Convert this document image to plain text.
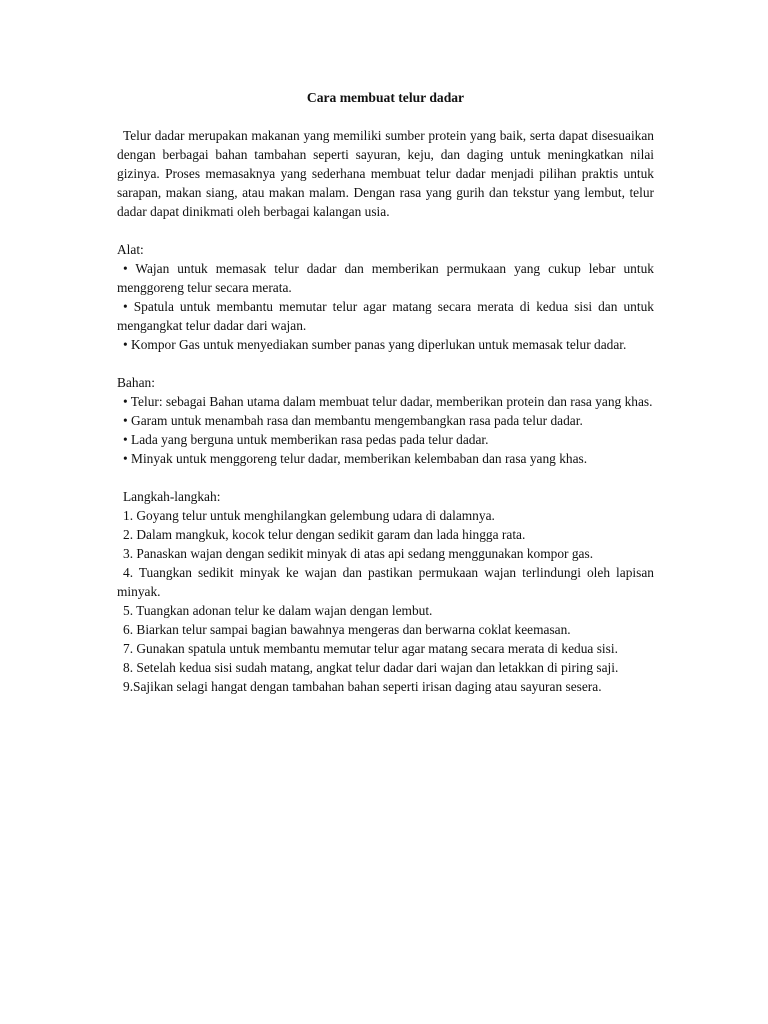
Cara membuat telur dadar

Telur dadar merupakan makanan yang memiliki sumber protein yang baik, serta dapat disesuaikan dengan berbagai bahan tambahan seperti sayuran, keju, dan daging untuk meningkatkan nilai gizinya. Proses memasaknya yang sederhana membuat telur dadar menjadi pilihan praktis untuk sarapan, makan siang, atau makan malam. Dengan rasa yang gurih dan tekstur yang lembut, telur dadar dapat dinikmati oleh berbagai kalangan usia.

Alat:

• Wajan untuk memasak telur dadar dan memberikan permukaan yang cukup lebar untuk menggoreng telur secara merata.

• Spatula untuk membantu memutar telur agar matang secara merata di kedua sisi dan untuk mengangkat telur dadar dari wajan.

• Kompor Gas untuk menyediakan sumber panas yang diperlukan untuk memasak telur dadar.

Bahan:

• Telur: sebagai Bahan utama dalam membuat telur dadar, memberikan protein dan rasa yang khas.

• Garam untuk menambah rasa dan membantu mengembangkan rasa pada telur dadar.

• Lada yang berguna untuk memberikan rasa pedas pada telur dadar.

• Minyak untuk menggoreng telur dadar, memberikan kelembaban dan rasa yang khas.

Langkah-langkah:

1. Goyang telur untuk menghilangkan gelembung udara di dalamnya.

2. Dalam mangkuk, kocok telur dengan sedikit garam dan lada hingga rata.

3. Panaskan wajan dengan sedikit minyak di atas api sedang menggunakan kompor gas.

4. Tuangkan sedikit minyak ke wajan dan pastikan permukaan wajan terlindungi oleh lapisan minyak.

5. Tuangkan adonan telur ke dalam wajan dengan lembut.

6. Biarkan telur sampai bagian bawahnya mengeras dan berwarna coklat keemasan.

7. Gunakan spatula untuk membantu memutar telur agar matang secara merata di kedua sisi.

8. Setelah kedua sisi sudah matang, angkat telur dadar dari wajan dan letakkan di piring saji.

9.Sajikan selagi hangat dengan tambahan bahan seperti irisan daging atau sayuran sesera.
